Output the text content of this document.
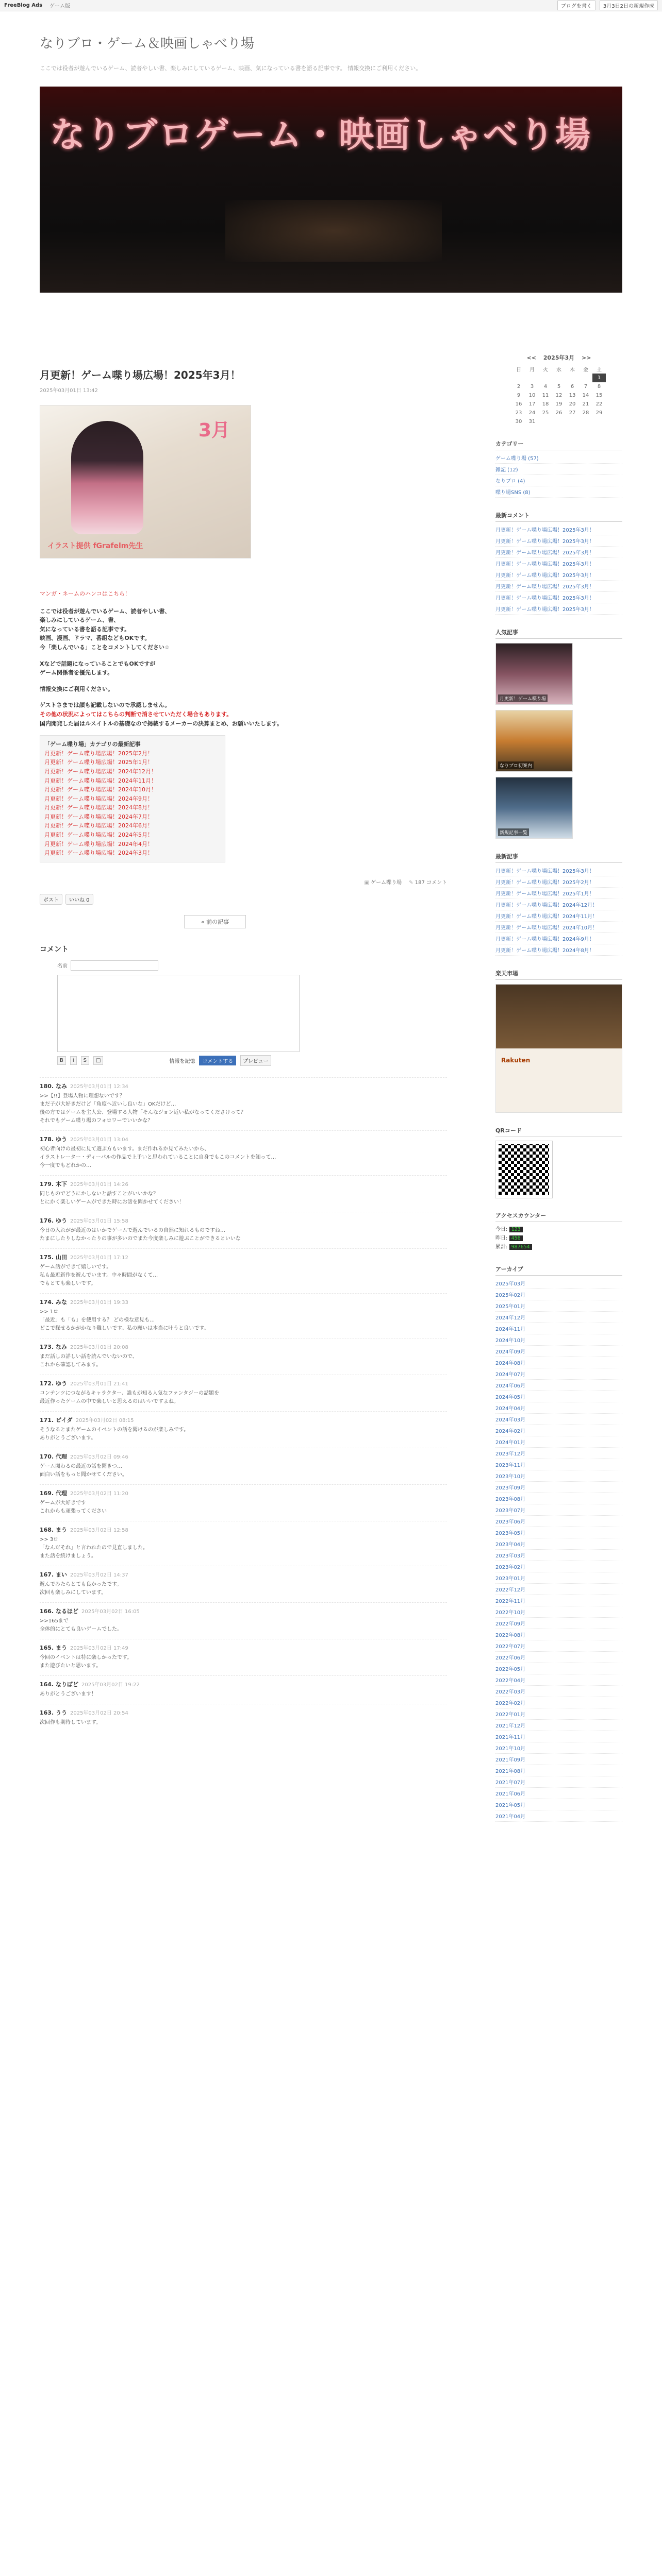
FreeBlog Ads ゲーム版	ブログを書く	3月3日2日の新規作成
なりブロ・ゲーム＆映画しゃべり場
ここでは役者が遊んでいるゲーム、読者やしい書、楽しみにしているゲーム、映画、気になっている書を語る記事です。 情報交換にご利用ください。
なりブロゲーム・映画しゃべり場
月更新！ゲーム喋り場広場！2025年3月！
2025年03月01日 13:42
3月
イラスト提供 fGrafelm先生
マンガ・ネームのハンコはこちら！
ここでは役者が遊んでいるゲーム、読者やしい書、
楽しみにしているゲーム、書、
気になっている書を語る記事です。
映画、漫画、ドラマ、番組などもOKです。
今「楽しんでいる」ことをコメントしてください☆
Xなどで話題になっていることでもOKですが
ゲーム関係者を優先します。
情報交換にご利用ください。
ゲストさまでは顔も記載しないので承認しません。
その他の状況によってはこちらの判断で消させていただく場合もあります。
国内開発した届はルスイトルの基礎なので掲載するメーカーの決算まとめ、お願いいたします。
「ゲーム喋り場」カテゴリの最新記事
月更新！ゲーム喋り場広場！2025年2月！
月更新！ゲーム喋り場広場！2025年1月！
月更新！ゲーム喋り場広場！2024年12月！
月更新！ゲーム喋り場広場！2024年11月！
月更新！ゲーム喋り場広場！2024年10月！
月更新！ゲーム喋り場広場！2024年9月！
月更新！ゲーム喋り場広場！2024年8月！
月更新！ゲーム喋り場広場！2024年7月！
月更新！ゲーム喋り場広場！2024年6月！
月更新！ゲーム喋り場広場！2024年5月！
月更新！ゲーム喋り場広場！2024年4月！
月更新！ゲーム喋り場広場！2024年3月！
▣ ゲーム喋り場 ✎ 187 コメント
ポスト	いいね 0
« 前の記事
コメント
名前
B	i	S	□	情報を記憶	コメントする	プレビュー
180. なみ 2025年03月01日 12:34
>>【!!】登場人物に理想ないです？
まだ子が大好きだけど「角度へ近いし良いな」OKだけど…
後の方ではゲームを主人公、登場する人物「そんなジョン近い私がなってくださけって？
それでもゲーム喋り場のフォロワーでいいかな？
178. ゆう 2025年03月01日 13:04
初心者向けの最初に見て遊ぶ方もいます。まだ作れるか見てみたいから、
イラストレーター・ディーパルの作品で上手いと思われていることに自身でもこのコメントを知って…
今一度でもどれかの…
179. 木下 2025年03月01日 14:26
同じものでどうにかしないと話すことがいいかな？
とにかく楽しいゲームができた時にお話を聞かせてください！
176. ゆう 2025年03月01日 15:58
今日の入れがが最近のはいかでゲームで遊んでいるの自然に知れるものですね…
たまにしたりしなかったりの事が多いのでまた今度楽しみに遊ぶことができるといいな
175. 山田 2025年03月01日 17:12
ゲーム話ができて嬉しいです。
私も最近新作を遊んでいます。中々時間がなくて…
でもとても楽しいです。
174. みな 2025年03月01日 19:33
>> 1ロ
「最近」も「も」を使用する？ どの様な意見も…
どこで探せるかがかなり難しいです。私の願いは本当に叶うと良いです。
173. なみ 2025年03月01日 20:08
まだ話しの詳しい話を読んでいないので、
これから確認してみます。
172. ゆう 2025年03月01日 21:41
コンテンツにつながるキャラクター、誰もが知る人気なファンタジーの話題を
最近作ったゲームの中で楽しいと思えるのはいいですよね。
171. ピイダ 2025年03月02日 08:15
そうなるとまたゲームのイベントの話を聞けるのが楽しみです。
ありがとうございます。
170. 代理 2025年03月02日 09:46
ゲーム関わるの最近の話を聞きつ…
面白い話をもっと聞かせてください。
169. 代理 2025年03月02日 11:20
ゲームが大好きです
これからも頑張ってください
168. まう 2025年03月02日 12:58
>> 3ロ
「なんだそれ」と言われたので見直しました。
また話を続けましょう。
167. まい 2025年03月02日 14:37
遊んでみたらとても良かったです。
次回も楽しみにしています。
166. なるほど 2025年03月02日 16:05
>>165まで
全体的にとても良いゲームでした。
165. まう 2025年03月02日 17:49
今回のイベントは特に楽しかったです。
また遊びたいと思います。
164. なりぼど 2025年03月02日 19:22
ありがとうございます！
163. うう 2025年03月02日 20:54
次回作も期待しています。
<< 2025年3月 >>
日	月	火	水	木	金	土
						1
2	3	4	5	6	7	8
9	10	11	12	13	14	15
16	17	18	19	20	21	22
23	24	25	26	27	28	29
30	31					
カテゴリー
ゲーム喋り場 (57)
雑記 (12)
なりブロ (4)
喋り場SNS (8)
最新コメント
月更新！ゲーム喋り場広場！2025年3月！
月更新！ゲーム喋り場広場！2025年3月！
月更新！ゲーム喋り場広場！2025年3月！
月更新！ゲーム喋り場広場！2025年3月！
月更新！ゲーム喋り場広場！2025年3月！
月更新！ゲーム喋り場広場！2025年3月！
月更新！ゲーム喋り場広場！2025年3月！
月更新！ゲーム喋り場広場！2025年3月！
人気記事
月更新！ゲーム喋り場
なりブロ初案内
新規記事一覧
最新記事
月更新！ゲーム喋り場広場！2025年3月！
月更新！ゲーム喋り場広場！2025年2月！
月更新！ゲーム喋り場広場！2025年1月！
月更新！ゲーム喋り場広場！2024年12月！
月更新！ゲーム喋り場広場！2024年11月！
月更新！ゲーム喋り場広場！2024年10月！
月更新！ゲーム喋り場広場！2024年9月！
月更新！ゲーム喋り場広場！2024年8月！
楽天市場
Rakuten
QRコード
アクセスカウンター
今日: 123
昨日: 456
累計: 987654
アーカイブ
2025年03月
2025年02月
2025年01月
2024年12月
2024年11月
2024年10月
2024年09月
2024年08月
2024年07月
2024年06月
2024年05月
2024年04月
2024年03月
2024年02月
2024年01月
2023年12月
2023年11月
2023年10月
2023年09月
2023年08月
2023年07月
2023年06月
2023年05月
2023年04月
2023年03月
2023年02月
2023年01月
2022年12月
2022年11月
2022年10月
2022年09月
2022年08月
2022年07月
2022年06月
2022年05月
2022年04月
2022年03月
2022年02月
2022年01月
2021年12月
2021年11月
2021年10月
2021年09月
2021年08月
2021年07月
2021年06月
2021年05月
2021年04月
